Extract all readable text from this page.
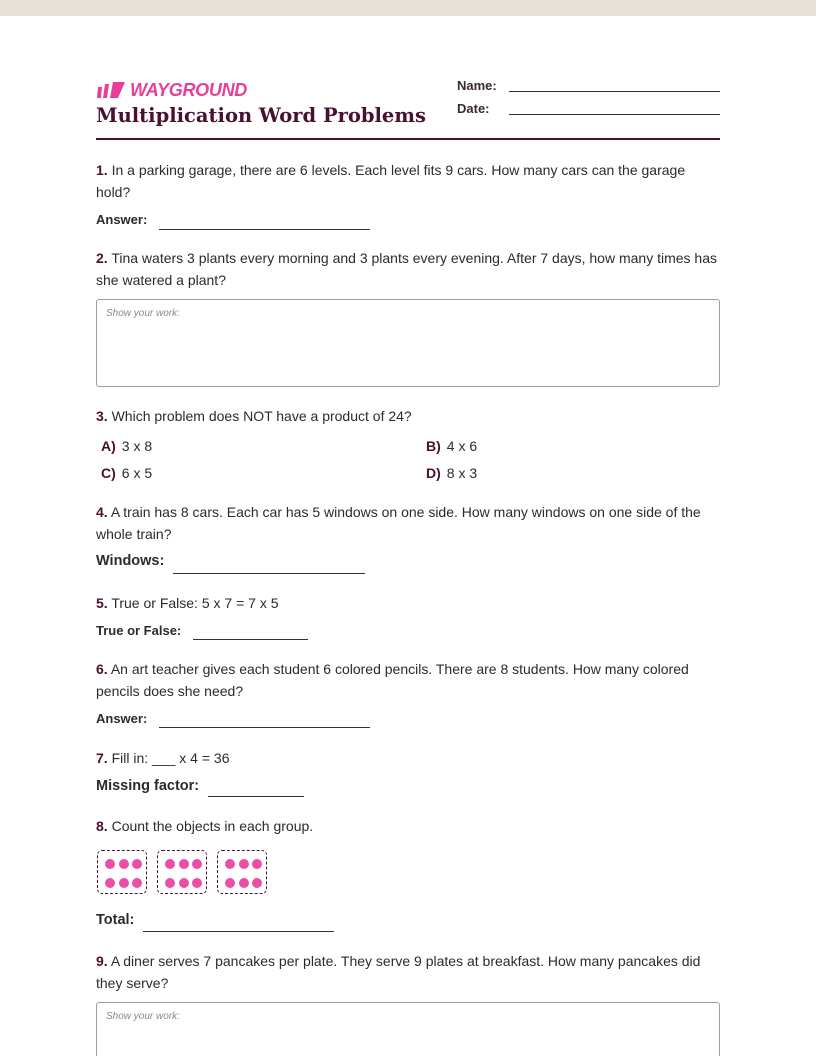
WAYGROUND
Multiplication Word Problems
Name:
Date:
1. In a parking garage, there are 6 levels. Each level fits 9 cars. How many cars can the garage hold?
Answer:
2. Tina waters 3 plants every morning and 3 plants every evening. After 7 days, how many times has she watered a plant?
Show your work:
3. Which problem does NOT have a product of 24?
A) 3 x 8	B) 4 x 6
C) 6 x 5	D) 8 x 3
4. A train has 8 cars. Each car has 5 windows on one side. How many windows on one side of the whole train?
Windows:
5. True or False: 5 x 7 = 7 x 5
True or False:
6. An art teacher gives each student 6 colored pencils. There are 8 students. How many colored pencils does she need?
Answer:
7. Fill in: ___ x 4 = 36
Missing factor:
8. Count the objects in each group.
Total:
9. A diner serves 7 pancakes per plate. They serve 9 plates at breakfast. How many pancakes did they serve?
Show your work:
